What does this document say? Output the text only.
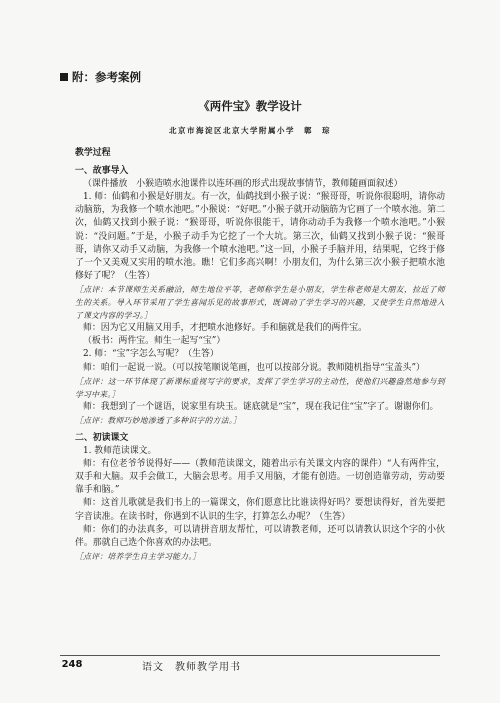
附：参考案例
《两件宝》教学设计
北京市海淀区北京大学附属小学　鄣　琮

教学过程

一、故事导入

（课件播放　小猴造喷水池课件以连环画的形式出现故事情节，教师随画面叙述）

1. 师：仙鹤和小猴是好朋友。有一次，仙鹤找到小猴子说：“猴哥哥，听说你很聪明，请你动动脑筋，为我修一个喷水池吧。”小猴说：“好吧。”小猴子就开动脑筋为它画了一个喷水池。第二次，仙鹤又找到小猴子说：“猴哥哥，听说你很能干，请你动动手为我修一个喷水池吧。”小猴说：“没问题。”于是，小猴子动手为它挖了一个大坑。第三次，仙鹤又找到小猴子说：“猴哥哥，请你又动手又动脑，为我修一个喷水池吧。”这一回，小猴子手脑并用，结果呢，它终于修了一个又美观又实用的喷水池。瞧！它们多高兴啊！小朋友们，为什么第三次小猴子把喷水池修好了呢？（生答）

［点评：本节课师生关系融洽，师生地位平等，老师称学生是小朋友，学生称老师是大朋友，拉近了师生的关系。导入环节采用了学生喜闻乐见的故事形式，既调动了学生学习的兴趣，又使学生自然地进入了课文内容的学习。］

师：因为它又用脑又用手，才把喷水池修好。手和脑就是我们的两件宝。

（板书：两件宝。师生一起写“宝”）

2. 师：“宝”字怎么写呢？（生答）

师：咱们一起说一说。（可以按笔顺说笔画，也可以按部分说。教师随机指导“宝盖头”）

［点评：这一环节体现了新课标重视写字的要求，发挥了学生学习的主动性，使他们兴趣盎然地参与到学习中来。］

师：我想到了一个谜语，说家里有块玉。谜底就是“宝”，现在我记住“宝”字了。谢谢你们。

［点评：教师巧妙地渗透了多种识字的方法。］

二、初读课文

1. 教师范读课文。

师：有位老爷爷说得好——（教师范读课文，随着出示有关课文内容的课件）“人有两件宝，双手和大脑。双手会做工，大脑会思考。用手又用脑，才能有创造。一切创造靠劳动，劳动要靠手和脑。”

师：这首儿歌就是我们书上的一篇课文，你们愿意比比谁读得好吗？要想读得好，首先要把字音读准。在读书时，你遇到不认识的生字，打算怎么办呢？（生答）

师：你们的办法真多，可以请拼音朋友帮忙，可以请教老师，还可以请教认识这个字的小伙伴。那就自己选个你喜欢的办法吧。

［点评：培养学生自主学习能力。］

248	语文　教师教学用书
